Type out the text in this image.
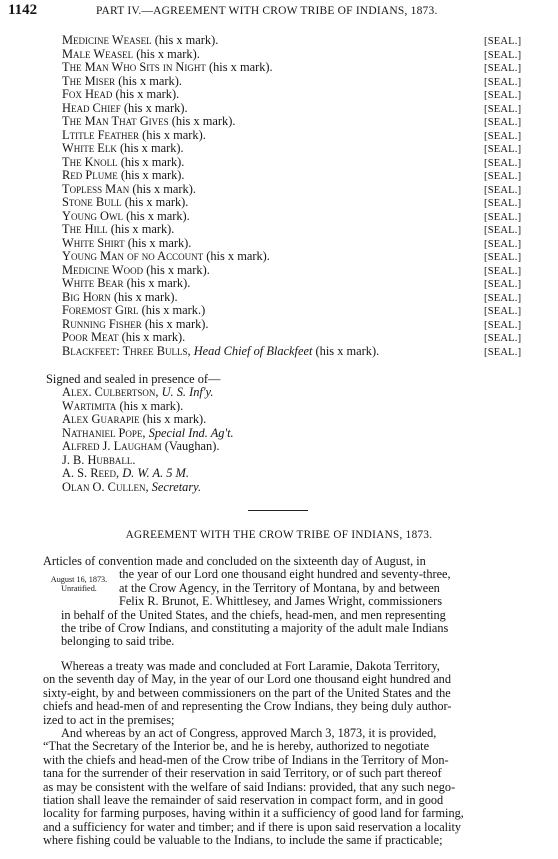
1142	PART IV.—AGREEMENT WITH CROW TRIBE OF INDIANS, 1873.
Medicine Weasel (his x mark).	[SEAL.]
Male Weasel (his x mark).	[SEAL.]
The Man Who Sits in Night (his x mark).	[SEAL.]
The Miser (his x mark).	[SEAL.]
Fox Head (his x mark).	[SEAL.]
Head Chief (his x mark).	[SEAL.]
The Man That Gives (his x mark).	[SEAL.]
Ltitle Feather (his x mark).	[SEAL.]
White Elk (his x mark).	[SEAL.]
The Knoll (his x mark).	[SEAL.]
Red Plume (his x mark).	[SEAL.]
Topless Man (his x mark).	[SEAL.]
Stone Bull (his x mark).	[SEAL.]
Young Owl (his x mark).	[SEAL.]
The Hill (his x mark).	[SEAL.]
White Shirt (his x mark).	[SEAL.]
Young Man of no Account (his x mark).	[SEAL.]
Medicine Wood (his x mark).	[SEAL.]
White Bear (his x mark).	[SEAL.]
Big Horn (his x mark).	[SEAL.]
Foremost Girl (his x mark.)	[SEAL.]
Running Fisher (his x mark).	[SEAL.]
Poor Meat (his x mark).	[SEAL.]
Blackfeet: Three Bulls, Head Chief of Blackfeet (his x mark).	[SEAL.]
Signed and sealed in presence of—
Alex. Culbertson, U. S. Inf'y.
Wartimita (his x mark).
Alex Guarapie (his x mark).
Nathaniel Pope, Special Ind. Ag't.
Alfred J. Laugham (Vaughan).
J. B. Hubball.
A. S. Reed, D. W. A. 5 M.
Olan O. Cullen, Secretary.
AGREEMENT WITH THE CROW TRIBE OF INDIANS, 1873.
August 16, 1873.
Unratified.
Articles of convention made and concluded on the sixteenth day of August, in
the year of our Lord one thousand eight hundred and seventy-three,
at the Crow Agency, in the Territory of Montana, by and between
Felix R. Brunot, E. Whittlesey, and James Wright, commissioners
in behalf of the United States, and the chiefs, head-men, and men representing
the tribe of Crow Indians, and constituting a majority of the adult male Indians
belonging to said tribe.
Whereas a treaty was made and concluded at Fort Laramie, Dakota Territory,
on the seventh day of May, in the year of our Lord one thousand eight hundred and
sixty-eight, by and between commissioners on the part of the United States and the
chiefs and head-men of and representing the Crow Indians, they being duly author-
ized to act in the premises;
And whereas by an act of Congress, approved March 3, 1873, it is provided,
“That the Secretary of the Interior be, and he is hereby, authorized to negotiate
with the chiefs and head-men of the Crow tribe of Indians in the Territory of Mon-
tana for the surrender of their reservation in said Territory, or of such part thereof
as may be consistent with the welfare of said Indians: provided, that any such nego-
tiation shall leave the remainder of said reservation in compact form, and in good
locality for farming purposes, having within it a sufficiency of good land for farming,
and a sufficiency for water and timber; and if there is upon said reservation a locality
where fishing could be valuable to the Indians, to include the same if practicable;
